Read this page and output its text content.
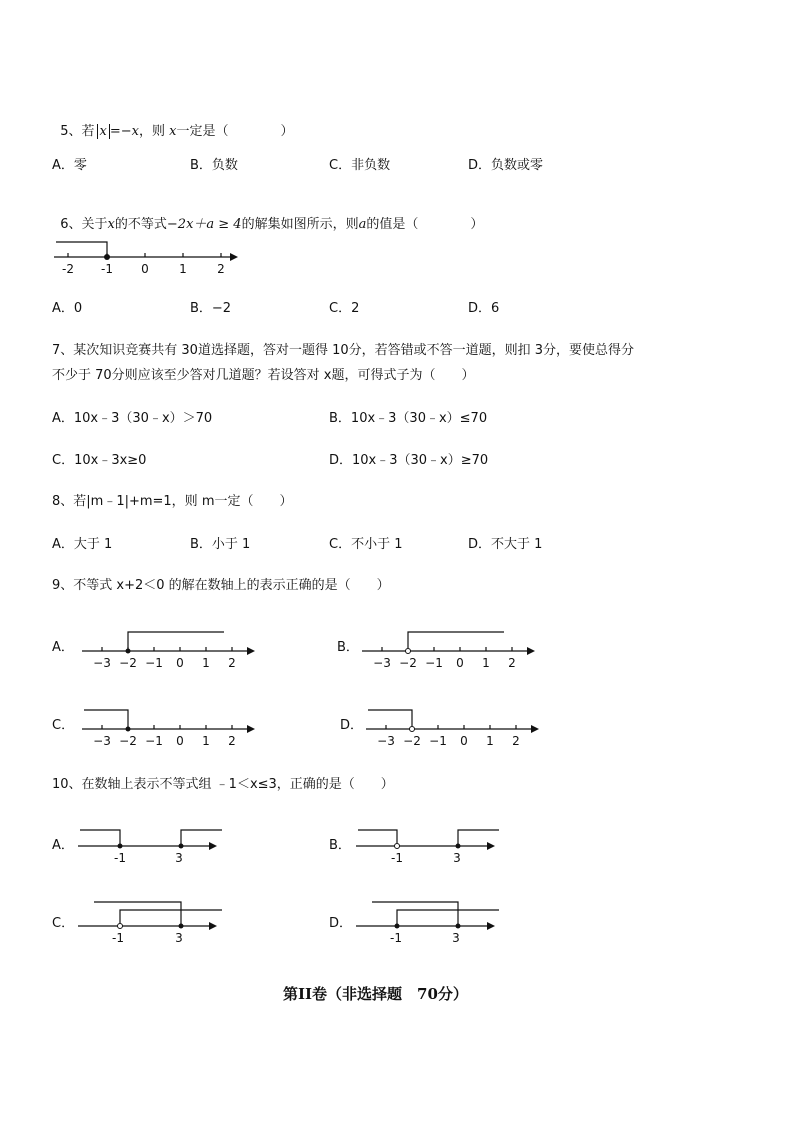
5、若 x =−x，则 x一定是（　　　　）

A．零	B．负数	C．非负数	D．负数或零

6、关于x的不等式−2x＋a ≥ 4的解集如图所示，则a的值是（　　　　）

-2 -1 0	1	2
A．0	B．−2	C．2	D．6
7、某次知识竞赛共有 30道选择题，答对一题得 10分，若答错或不答一道题，则扣 3分，要使总得分
不少于 70分则应该至少答对几道题？若设答对 x题，可得式子为（　　）
A．10x﹣3（30﹣x）＞70	B．10x﹣3（30﹣x）≤70
C．10x﹣3x≥0	D．10x﹣3（30﹣x）≥70
8、若|m﹣1|+m=1，则 m一定（　　）
A．大于 1	B．小于 1	C．不小于 1	D．不大于 1
9、不等式 x+2＜0 的解在数轴上的表示正确的是（　　）
A．
−3 −2 −1 0 1 2
B．
−3 −2 −1 0 1 2
C．
−3 −2 −1 0 1 2
D．
−3 −2 −1 0 1 2
10、在数轴上表示不等式组 ﹣1＜x≤3，正确的是（　　）
A．
-1	3
B．
-1	3
C．
-1	3
D．
-1	3
第II卷（非选择题　70分）
